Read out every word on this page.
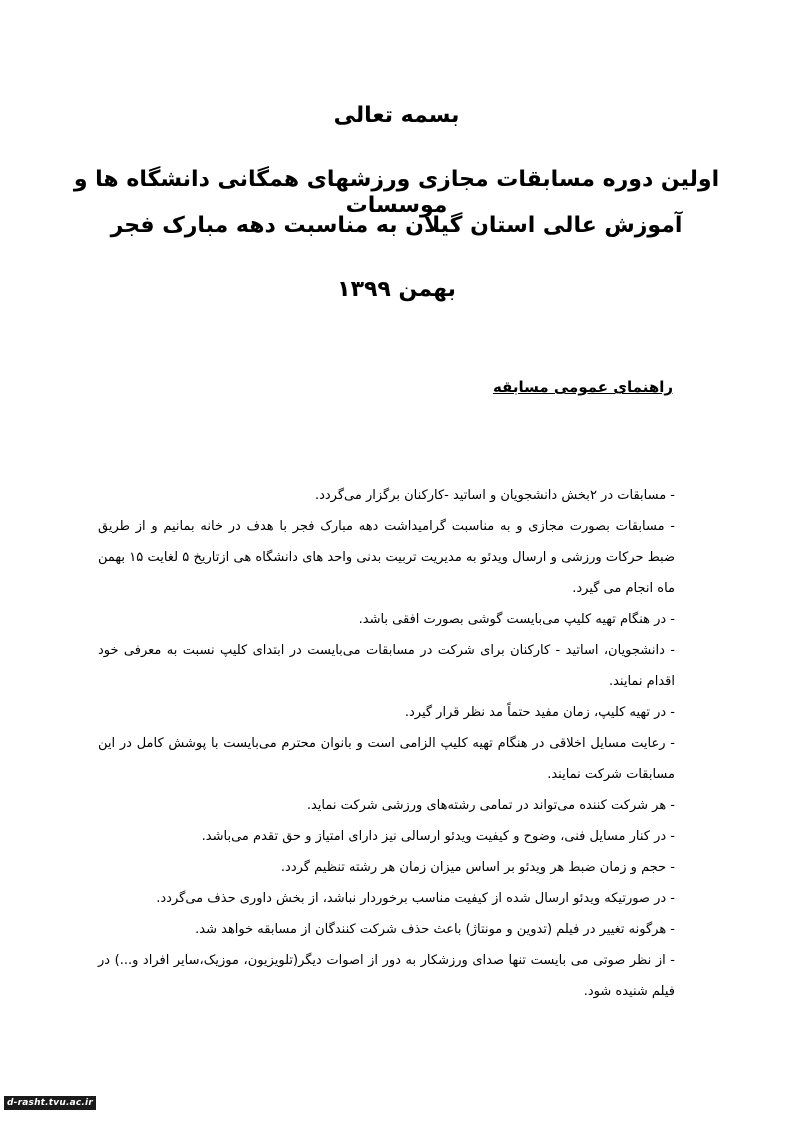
بسمه تعالی
اولین دوره مسابقات مجازی ورزشهای همگانی دانشگاه ها و موسسات
آموزش عالی استان گیلان به مناسبت دهه مبارک فجر
بهمن ۱۳۹۹
راهنمای عمومی مسابقه
- مسابقات در ۲بخش دانشجویان و اساتید -کارکنان برگزار می‌گردد.
- مسابقات بصورت مجازی و به مناسبت گرامیداشت دهه مبارک فجر با هدف در خانه بمانیم و از طریق ضبط حرکات ورزشی و ارسال ویدئو به مدیریت تربیت بدنی واحد های دانشگاه هی ازتاریخ ۵ لغایت ۱۵ بهمن ماه انجام می گیرد.
- در هنگام تهیه کلیپ می‌بایست گوشی بصورت افقی باشد.
- دانشجویان، اساتید - کارکنان برای شرکت در مسابقات می‌بایست در ابتدای کلیپ نسبت به معرفی خود اقدام نمایند.
- در تهیه کلیپ، زمان مفید حتماً مد نظر قرار گیرد.
- رعایت مسایل اخلاقی در هنگام تهیه کلیپ الزامی است و بانوان محترم می‌بایست با پوشش کامل در این مسابقات شرکت نمایند.
- هر شرکت کننده می‌تواند در تمامی رشته‌های ورزشی شرکت نماید.
- در کنار مسایل فنی، وضوح و کیفیت ویدئو ارسالی نیز دارای امتیاز و حق تقدم می‌باشد.
- حجم و زمان ضبط هر ویدئو بر اساس میزان زمان هر رشته تنظیم گردد.
- در صورتیکه ویدئو ارسال شده از کیفیت مناسب برخوردار نباشد، از بخش داوری حذف می‌گردد.
- هرگونه تغییر در فیلم (تدوین و مونتاژ) باعث حذف شرکت کنندگان از مسابقه خواهد شد.
- از نظر صوتی می بایست تنها صدای ورزشکار به دور از اصوات دیگر(تلویزیون، موزیک،سایر افراد و...) در فیلم شنیده شود.
d-rasht.tvu.ac.ir
